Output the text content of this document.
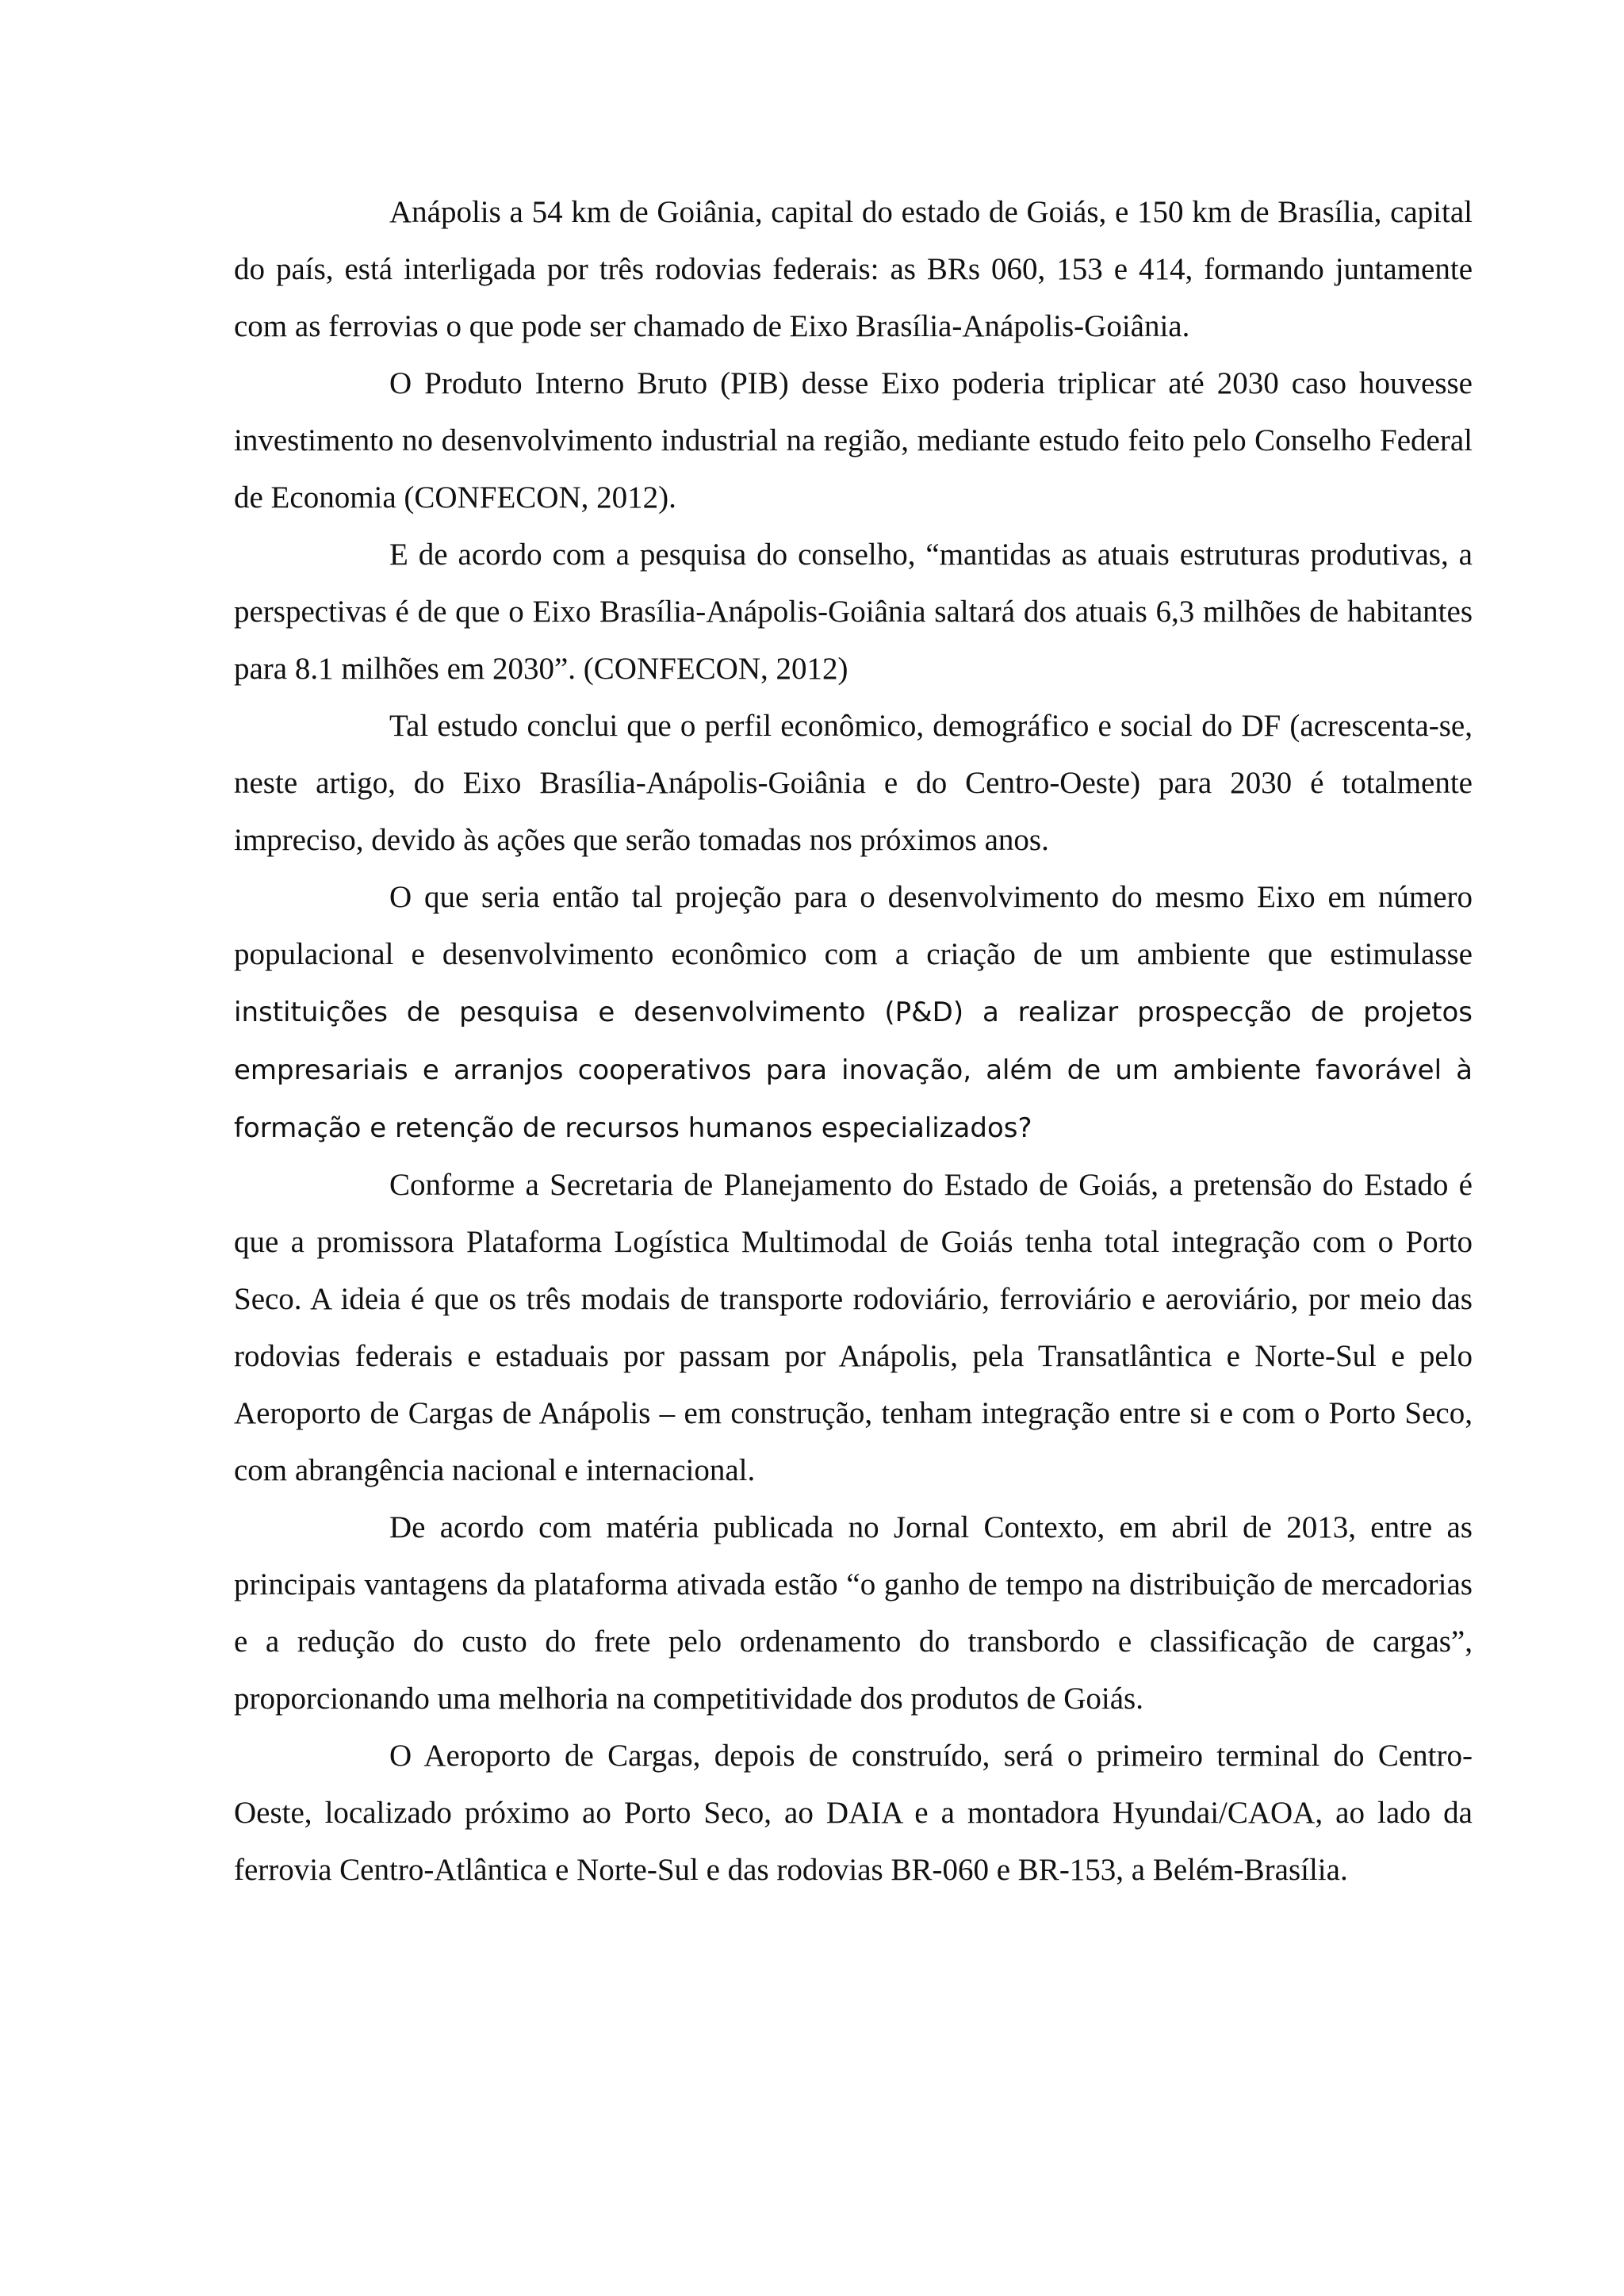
Anápolis a 54 km de Goiânia, capital do estado de Goiás, e 150 km de Brasília, capital do país, está interligada por três rodovias federais: as BRs 060, 153 e 414, formando juntamente com as ferrovias o que pode ser chamado de Eixo Brasília-Anápolis-Goiânia.

O Produto Interno Bruto (PIB) desse Eixo poderia triplicar até 2030 caso houvesse investimento no desenvolvimento industrial na região, mediante estudo feito pelo Conselho Federal de Economia (CONFECON, 2012).

E de acordo com a pesquisa do conselho, “mantidas as atuais estruturas produtivas, a perspectivas é de que o Eixo Brasília-Anápolis-Goiânia saltará dos atuais 6,3 milhões de habitantes para 8.1 milhões em 2030”. (CONFECON, 2012)

Tal estudo conclui que o perfil econômico, demográfico e social do DF (acrescenta-se, neste artigo, do Eixo Brasília-Anápolis-Goiânia e do Centro-Oeste) para 2030 é totalmente impreciso, devido às ações que serão tomadas nos próximos anos.

O que seria então tal projeção para o desenvolvimento do mesmo Eixo em número populacional e desenvolvimento econômico com a criação de um ambiente que estimulasse instituições de pesquisa e desenvolvimento (P&D) a realizar prospecção de projetos empresariais e arranjos cooperativos para inovação, além de um ambiente favorável à formação e retenção de recursos humanos especializados?

Conforme a Secretaria de Planejamento do Estado de Goiás, a pretensão do Estado é que a promissora Plataforma Logística Multimodal de Goiás tenha total integração com o Porto Seco. A ideia é que os três modais de transporte rodoviário, ferroviário e aeroviário, por meio das rodovias federais e estaduais por passam por Anápolis, pela Transatlântica e Norte-Sul e pelo Aeroporto de Cargas de Anápolis – em construção, tenham integração entre si e com o Porto Seco, com abrangência nacional e internacional.

De acordo com matéria publicada no Jornal Contexto, em abril de 2013, entre as principais vantagens da plataforma ativada estão “o ganho de tempo na distribuição de mercadorias e a redução do custo do frete pelo ordenamento do transbordo e classificação de cargas”, proporcionando uma melhoria na competitividade dos produtos de Goiás.

O Aeroporto de Cargas, depois de construído, será o primeiro terminal do Centro-Oeste, localizado próximo ao Porto Seco, ao DAIA e a montadora Hyundai/CAOA, ao lado da ferrovia Centro-Atlântica e Norte-Sul e das rodovias BR-060 e BR-153, a Belém-Brasília.
